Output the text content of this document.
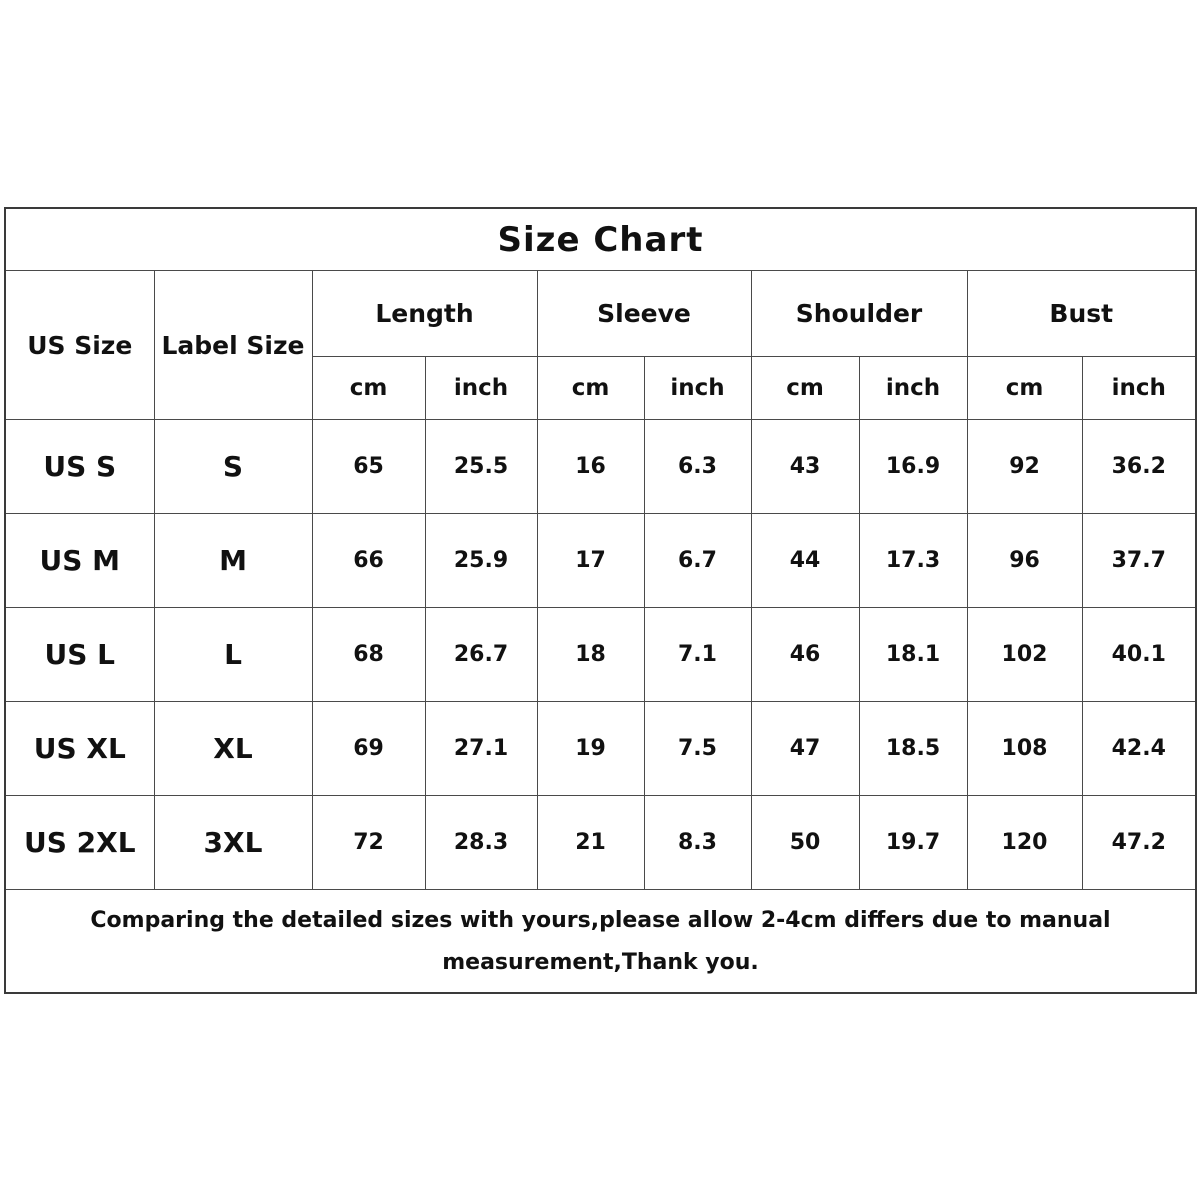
Size Chart									
US Size	Label Size	Length		Sleeve		Shoulder		Bust	
		cm	inch	cm	inch	cm	inch	cm	inch
US S	S	65	25.5	16	6.3	43	16.9	92	36.2
US M	M	66	25.9	17	6.7	44	17.3	96	37.7
US L	L	68	26.7	18	7.1	46	18.1	102	40.1
US XL	XL	69	27.1	19	7.5	47	18.5	108	42.4
US 2XL	3XL	72	28.3	21	8.3	50	19.7	120	47.2
Comparing the detailed sizes with yours,please allow 2-4cm differs due to manual measurement,Thank you.									
